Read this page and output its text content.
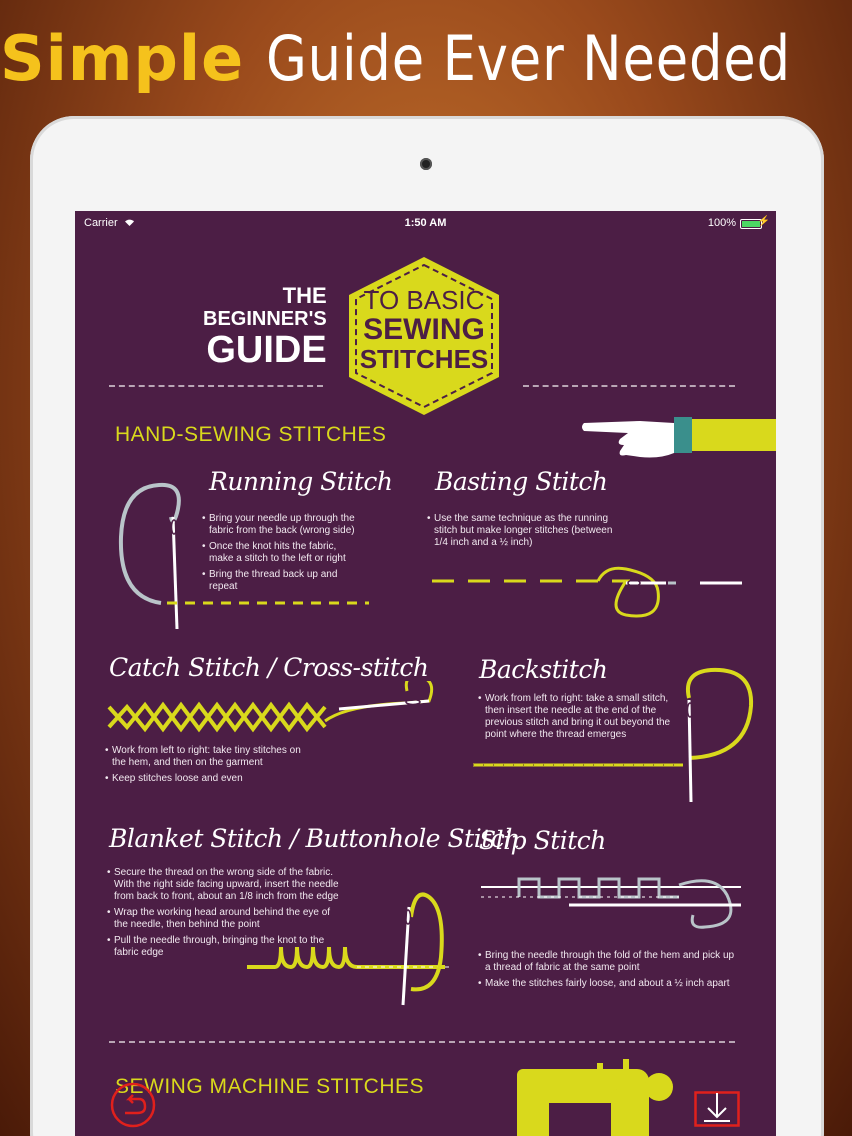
Simple Guide Ever Needed
Carrier	1:50 AM	100% ⚡
THE
BEGINNER'S
GUIDE
TO BASIC
SEWING
STITCHES
HAND-SEWING STITCHES
Running Stitch
• Bring your needle up through the fabric from the back (wrong side)
• Once the knot hits the fabric, make a stitch to the left or right
• Bring the thread back up and repeat
Basting Stitch
• Use the same technique as the running stitch but make longer stitches (between 1/4 inch and a ½ inch)
Catch Stitch / Cross-stitch
• Work from left to right: take tiny stitches on the hem, and then on the garment
• Keep stitches loose and even
Backstitch
• Work from left to right: take a small stitch, then insert the needle at the end of the previous stitch and bring it out beyond the point where the thread emerges
Blanket Stitch / Buttonhole Stitch
• Secure the thread on the wrong side of the fabric. With the right side facing upward, insert the needle from back to front, about an 1/8 inch from the edge
• Wrap the working head around behind the eye of the needle, then behind the point
• Pull the needle through, bringing the knot to the fabric edge
Slip Stitch
• Bring the needle through the fold of the hem and pick up a thread of fabric at the same point
• Make the stitches fairly loose, and about a ½ inch apart
SEWING MACHINE STITCHES
